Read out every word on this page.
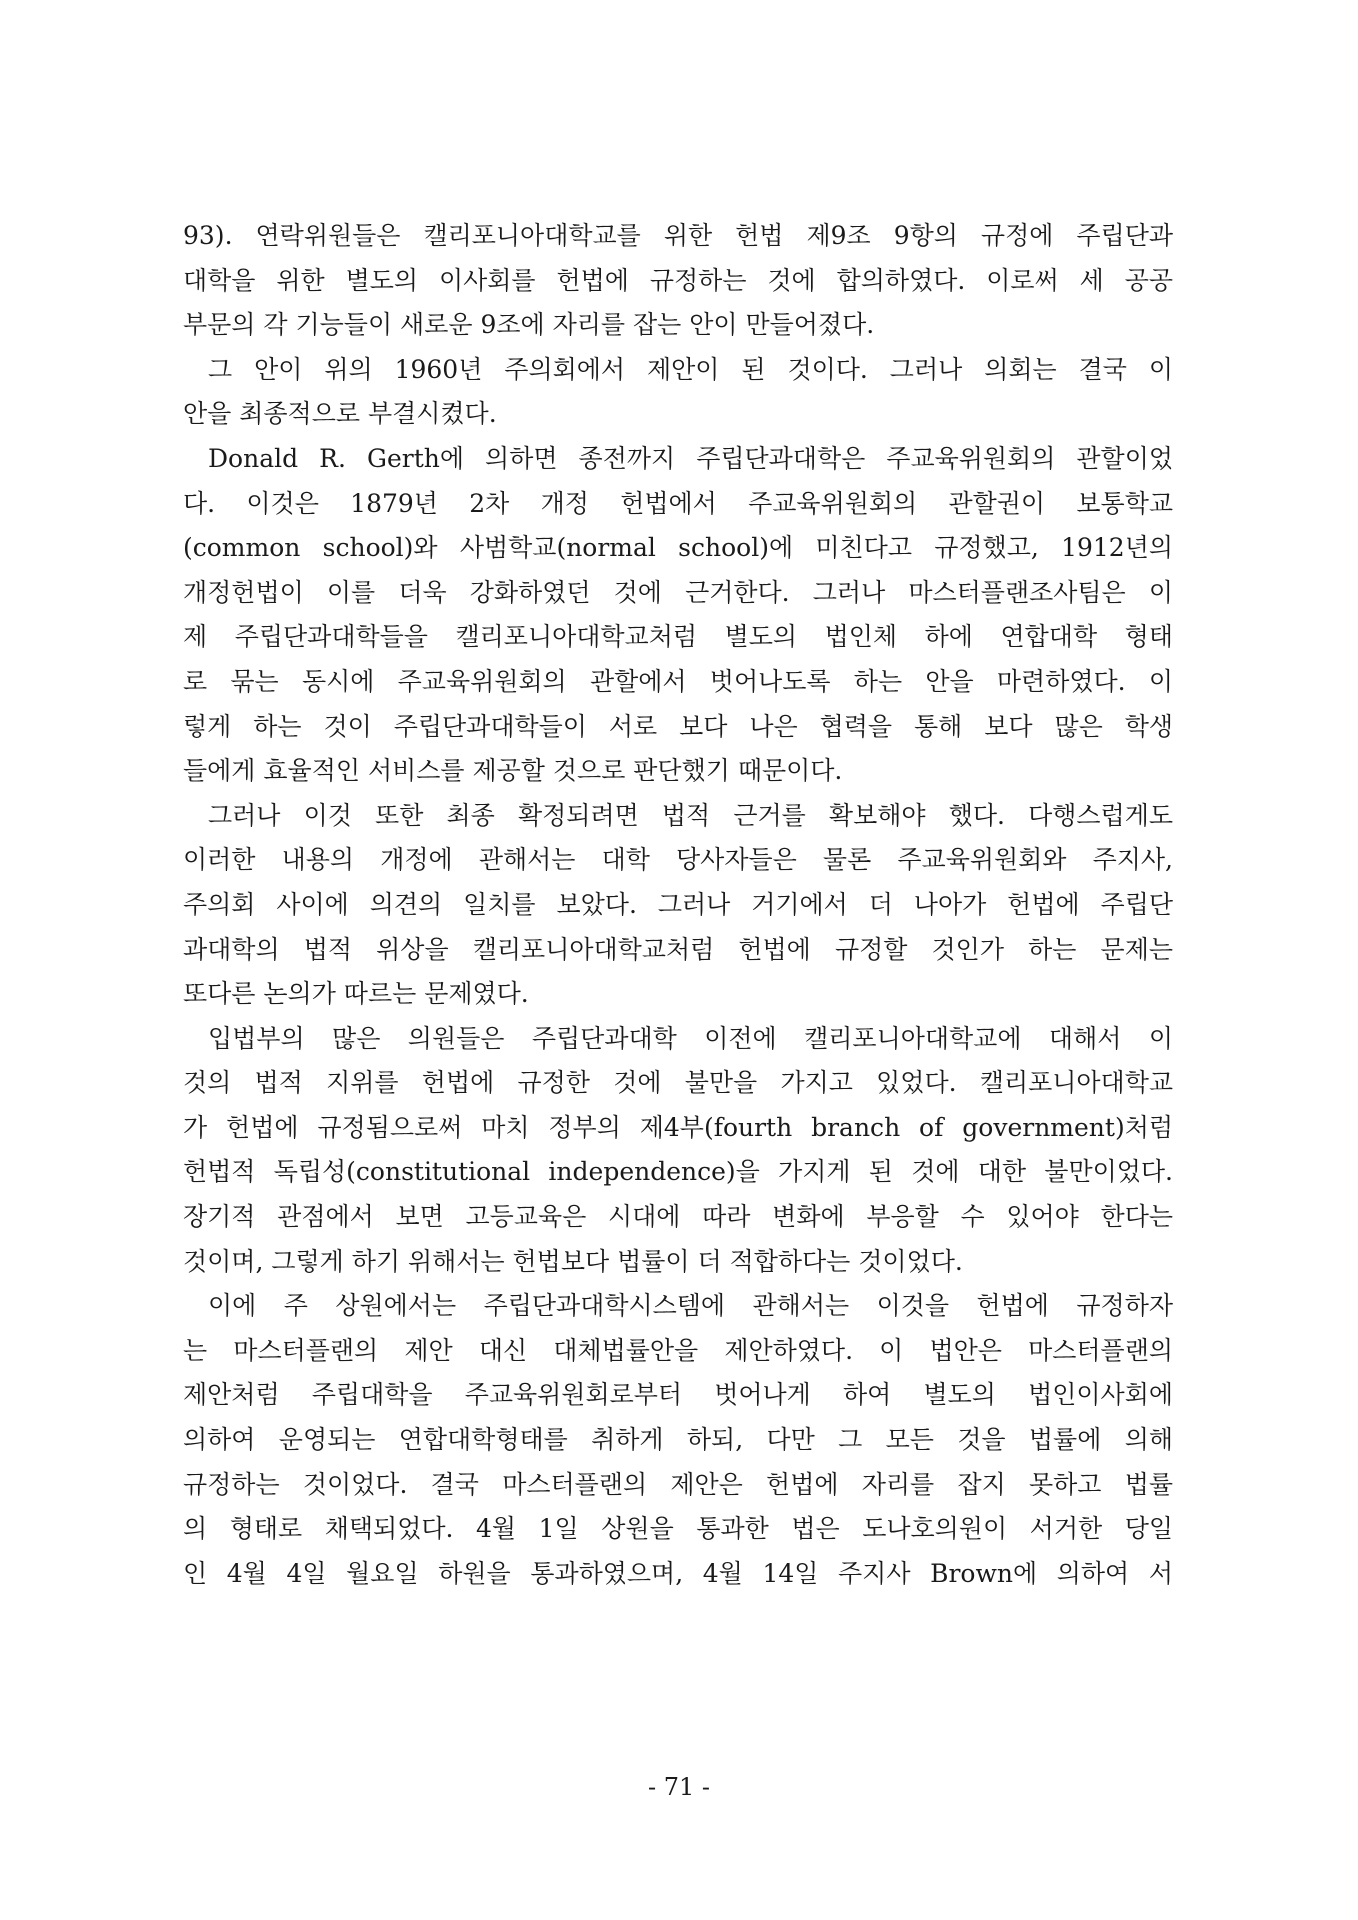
93). 연락위원들은 캘리포니아대학교를 위한 헌법 제9조 9항의 규정에 주립단과
대학을 위한 별도의 이사회를 헌법에 규정하는 것에 합의하였다. 이로써 세 공공
부문의 각 기능들이 새로운 9조에 자리를 잡는 안이 만들어졌다.
그 안이 위의 1960년 주의회에서 제안이 된 것이다. 그러나 의회는 결국 이
안을 최종적으로 부결시켰다.
Donald R. Gerth에 의하면 종전까지 주립단과대학은 주교육위원회의 관할이었
다. 이것은 1879년 2차 개정 헌법에서 주교육위원회의 관할권이 보통학교
(common school)와 사범학교(normal school)에 미친다고 규정했고, 1912년의
개정헌법이 이를 더욱 강화하였던 것에 근거한다. 그러나 마스터플랜조사팀은 이
제 주립단과대학들을 캘리포니아대학교처럼 별도의 법인체 하에 연합대학 형태
로 묶는 동시에 주교육위원회의 관할에서 벗어나도록 하는 안을 마련하였다. 이
렇게 하는 것이 주립단과대학들이 서로 보다 나은 협력을 통해 보다 많은 학생
들에게 효율적인 서비스를 제공할 것으로 판단했기 때문이다.
그러나 이것 또한 최종 확정되려면 법적 근거를 확보해야 했다. 다행스럽게도
이러한 내용의 개정에 관해서는 대학 당사자들은 물론 주교육위원회와 주지사,
주의회 사이에 의견의 일치를 보았다. 그러나 거기에서 더 나아가 헌법에 주립단
과대학의 법적 위상을 캘리포니아대학교처럼 헌법에 규정할 것인가 하는 문제는
또다른 논의가 따르는 문제였다.
입법부의 많은 의원들은 주립단과대학 이전에 캘리포니아대학교에 대해서 이
것의 법적 지위를 헌법에 규정한 것에 불만을 가지고 있었다. 캘리포니아대학교
가 헌법에 규정됨으로써 마치 정부의 제4부(fourth branch of government)처럼
헌법적 독립성(constitutional independence)을 가지게 된 것에 대한 불만이었다.
장기적 관점에서 보면 고등교육은 시대에 따라 변화에 부응할 수 있어야 한다는
것이며, 그렇게 하기 위해서는 헌법보다 법률이 더 적합하다는 것이었다.
이에 주 상원에서는 주립단과대학시스템에 관해서는 이것을 헌법에 규정하자
는 마스터플랜의 제안 대신 대체법률안을 제안하였다. 이 법안은 마스터플랜의
제안처럼 주립대학을 주교육위원회로부터 벗어나게 하여 별도의 법인이사회에
의하여 운영되는 연합대학형태를 취하게 하되, 다만 그 모든 것을 법률에 의해
규정하는 것이었다. 결국 마스터플랜의 제안은 헌법에 자리를 잡지 못하고 법률
의 형태로 채택되었다. 4월 1일 상원을 통과한 법은 도나호의원이 서거한 당일
인 4월 4일 월요일 하원을 통과하였으며, 4월 14일 주지사 Brown에 의하여 서
- 71 -
